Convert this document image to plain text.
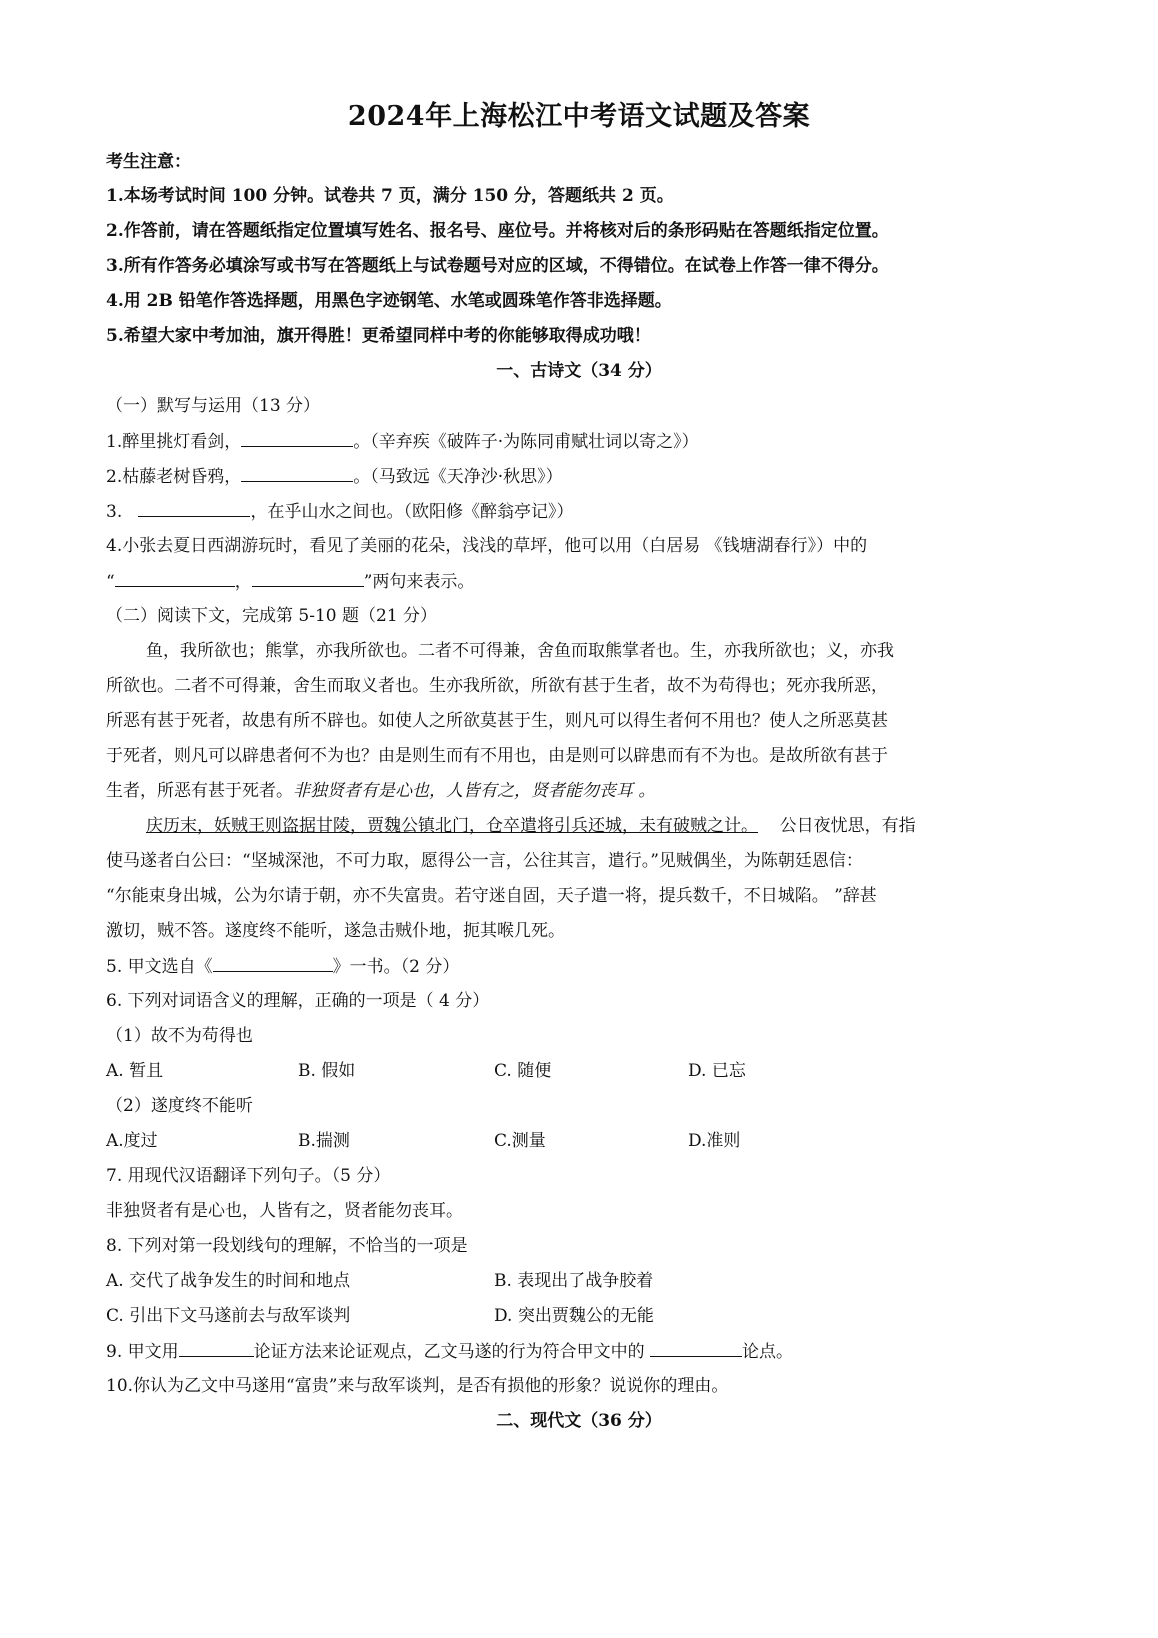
2024年上海松江中考语文试题及答案
考生注意：
1.本场考试时间 100 分钟。试卷共 7 页，满分 150 分，答题纸共 2 页。
2.作答前，请在答题纸指定位置填写姓名、报名号、座位号。并将核对后的条形码贴在答题纸指定位置。
3.所有作答务必填涂写或书写在答题纸上与试卷题号对应的区域，不得错位。在试卷上作答一律不得分。
4.用 2B 铅笔作答选择题，用黑色字迹钢笔、水笔或圆珠笔作答非选择题。
5.希望大家中考加油，旗开得胜！更希望同样中考的你能够取得成功哦！
一、古诗文（34 分）
（一）默写与运用（13 分）
1.醉里挑灯看剑，	。（辛弃疾《破阵子·为陈同甫赋壮词以寄之》）
2.枯藤老树昏鸦，	。（马致远《天净沙·秋思》）
3.	，在乎山水之间也。（欧阳修《醉翁亭记》）
4.小张去夏日西湖游玩时，看见了美丽的花朵，浅浅的草坪，他可以用（白居易 《钱塘湖春行》）中的
“	，	”两句来表示。
（二）阅读下文，完成第 5-10 题（21 分）
鱼，我所欲也；熊掌，亦我所欲也。二者不可得兼，舍鱼而取熊掌者也。生，亦我所欲也；义，亦我
所欲也。二者不可得兼，舍生而取义者也。生亦我所欲，所欲有甚于生者，故不为苟得也；死亦我所恶，
所恶有甚于死者，故患有所不辟也。如使人之所欲莫甚于生，则凡可以得生者何不用也？使人之所恶莫甚
于死者，则凡可以辟患者何不为也？由是则生而有不用也，由是则可以辟患而有不为也。是故所欲有甚于
生者，所恶有甚于死者。非独贤者有是心也，人皆有之，贤者能勿丧耳 。
庆历末，妖贼王则盗据甘陵，贾魏公镇北门，仓卒遣将引兵还城，未有破贼之计。 公日夜忧思，有指
使马遂者白公曰：“坚城深池，不可力取，愿得公一言，公往其言，遣行。”见贼偶坐，为陈朝廷恩信：
“尔能束身出城，公为尔请于朝，亦不失富贵。若守迷自固，天子遣一将，提兵数千，不日城陷。 ”辞甚
激切，贼不答。遂度终不能听，遂急击贼仆地，扼其喉几死。
5. 甲文选自《	》一书。（2 分）
6. 下列对词语含义的理解，正确的一项是（ 4 分）
（1）故不为苟得也
A. 暂且	B. 假如	C. 随便	D. 已忘
（2）遂度终不能听
A.度过	B.揣测	C.测量	D.准则
7. 用现代汉语翻译下列句子。（5 分）
非独贤者有是心也，人皆有之，贤者能勿丧耳。
8. 下列对第一段划线句的理解，不恰当的一项是
A. 交代了战争发生的时间和地点	B. 表现出了战争胶着
C. 引出下文马遂前去与敌军谈判	D. 突出贾魏公的无能
9. 甲文用	论证方法来论证观点，乙文马遂的行为符合甲文中的	论点。
10.你认为乙文中马遂用“富贵”来与敌军谈判，是否有损他的形象？说说你的理由。
二、现代文（36 分）
